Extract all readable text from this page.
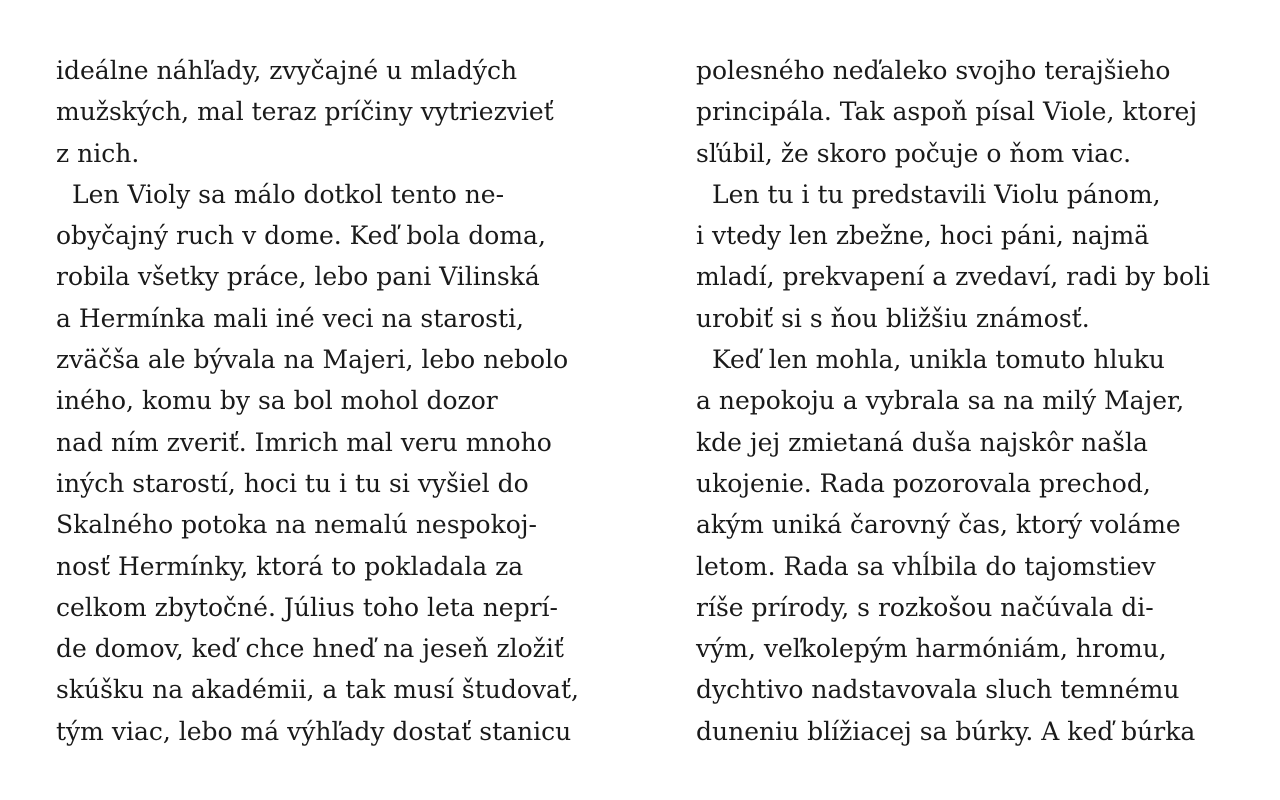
ideálne náhľady, zvyčajné u mladých
mužských, mal teraz príčiny vytriezvieť
z nich.
Len Violy sa málo dotkol tento ne-
obyčajný ruch v dome. Keď bola doma,
robila všetky práce, lebo pani Vilinská
a Hermínka mali iné veci na starosti,
zväčša ale bývala na Majeri, lebo nebolo
iného, komu by sa bol mohol dozor
nad ním zveriť. Imrich mal veru mnoho
iných starostí, hoci tu i tu si vyšiel do
Skalného potoka na nemalú nespokoj-
nosť Hermínky, ktorá to pokladala za
celkom zbytočné. Július toho leta neprí-
de domov, keď chce hneď na jeseň zložiť
skúšku na akadémii, a tak musí študovať,
tým viac, lebo má výhľady dostať stanicu
polesného neďaleko svojho terajšieho
principála. Tak aspoň písal Viole, ktorej
sľúbil, že skoro počuje o ňom viac.
Len tu i tu predstavili Violu pánom,
i vtedy len zbežne, hoci páni, najmä
mladí, prekvapení a zvedaví, radi by boli
urobiť si s ňou bližšiu známosť.
Keď len mohla, unikla tomuto hluku
a nepokoju a vybrala sa na milý Majer,
kde jej zmietaná duša najskôr našla
ukojenie. Rada pozorovala prechod,
akým uniká čarovný čas, ktorý voláme
letom. Rada sa vhĺbila do tajomstiev
ríše prírody, s rozkošou načúvala di-
vým, veľkolepým harmóniám, hromu,
dychtivo nadstavovala sluch temnému
duneniu blížiacej sa búrky. A keď búrka
